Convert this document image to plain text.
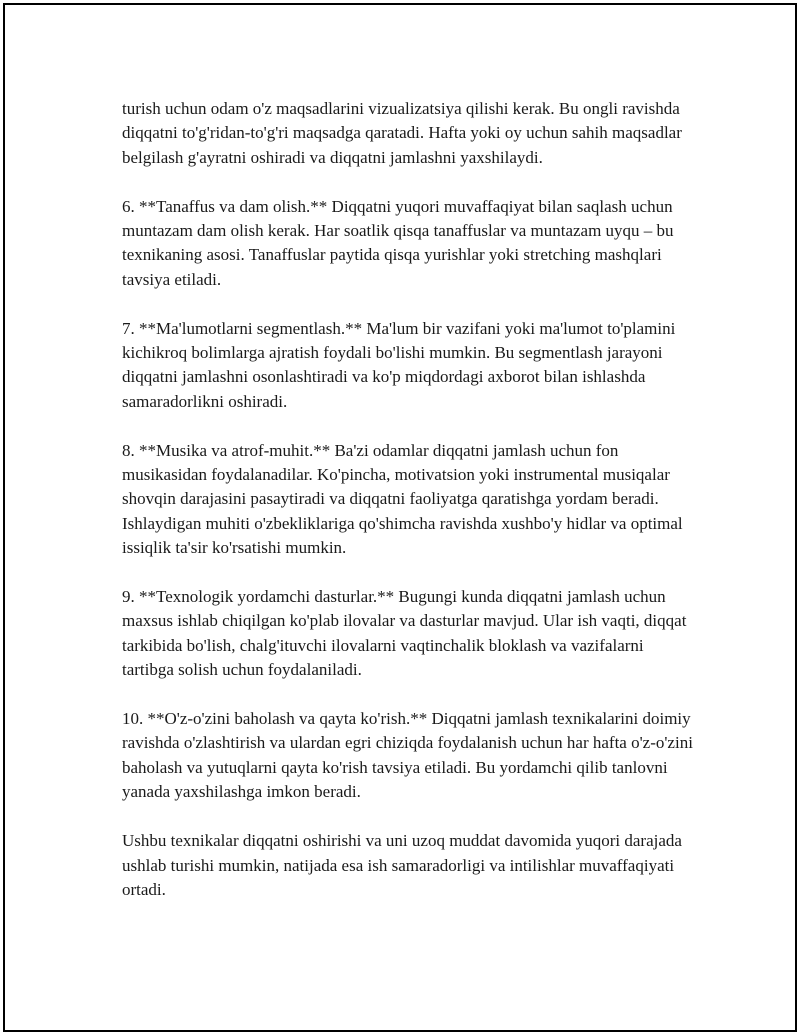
turish uchun odam o'z maqsadlarini vizualizatsiya qilishi kerak. Bu ongli ravishda diqqatni to'g'ridan-to'g'ri maqsadga qaratadi. Hafta yoki oy uchun sahih maqsadlar belgilash g'ayratni oshiradi va diqqatni jamlashni yaxshilaydi.

6. **Tanaffus va dam olish.** Diqqatni yuqori muvaffaqiyat bilan saqlash uchun muntazam dam olish kerak. Har soatlik qisqa tanaffuslar va muntazam uyqu – bu texnikaning asosi. Tanaffuslar paytida qisqa yurishlar yoki stretching mashqlari tavsiya etiladi.

7. **Ma'lumotlarni segmentlash.** Ma'lum bir vazifani yoki ma'lumot to'plamini kichikroq bolimlarga ajratish foydali bo'lishi mumkin. Bu segmentlash jarayoni diqqatni jamlashni osonlashtiradi va ko'p miqdordagi axborot bilan ishlashda samaradorlikni oshiradi.

8. **Musika va atrof-muhit.** Ba'zi odamlar diqqatni jamlash uchun fon musikasidan foydalanadilar. Ko'pincha, motivatsion yoki instrumental musiqalar shovqin darajasini pasaytiradi va diqqatni faoliyatga qaratishga yordam beradi. Ishlaydigan muhiti o'zbekliklariga qo'shimcha ravishda xushbo'y hidlar va optimal issiqlik ta'sir ko'rsatishi mumkin.

9. **Texnologik yordamchi dasturlar.** Bugungi kunda diqqatni jamlash uchun maxsus ishlab chiqilgan ko'plab ilovalar va dasturlar mavjud. Ular ish vaqti, diqqat tarkibida bo'lish, chalg'ituvchi ilovalarni vaqtinchalik bloklash va vazifalarni tartibga solish uchun foydalaniladi.

10. **O'z-o'zini baholash va qayta ko'rish.** Diqqatni jamlash texnikalarini doimiy ravishda o'zlashtirish va ulardan egri chiziqda foydalanish uchun har hafta o'z-o'zini baholash va yutuqlarni qayta ko'rish tavsiya etiladi. Bu yordamchi qilib tanlovni yanada yaxshilashga imkon beradi.

Ushbu texnikalar diqqatni oshirishi va uni uzoq muddat davomida yuqori darajada ushlab turishi mumkin, natijada esa ish samaradorligi va intilishlar muvaffaqiyati ortadi.
